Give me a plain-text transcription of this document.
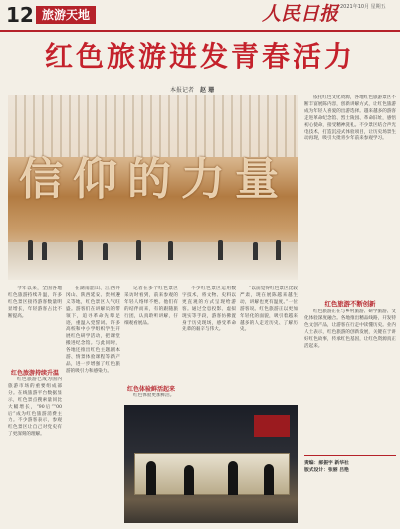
12 旅游天地	人民日报 2021年10月 星期五
红色旅游迸发青春活力
本报记者 赵 珊
信仰的力量

依托红色文化资源，各地红色旅游景区不断丰富展陈内容，创新讲解方式，让红色旅游成为年轻人喜爱的出游选择。越来越多的游客走进革命纪念馆、烈士陵园、革命旧址，感悟初心使命，接受精神洗礼。不少景区结合声光电技术，打造沉浸式体验项目，让历史场景生动再现，吸引大批青少年前来参观学习。

红色旅游不断创新

红色旅游正在与乡村旅游、研学旅游、文化体验深度融合。各地推出精品线路，开发特色文创产品，让游客在行走中读懂历史。业内人士表示，红色旅游的创新发展，关键在于讲好红色故事，传承红色基因，让红色资源真正活起来。

今年以来，全国各地红色旅游持续升温，许多红色景区接待游客数量明显增长，年轻游客占比不断提高。

红色旅游持续升温

红色旅游已成为国内旅游市场的重要组成部分。在线旅游平台数据显示，红色景点搜索量同比大幅增长，“90后”“00后”成为红色旅游消费主力。不少游客表示，参观红色景区让自己对党史有了更深刻的理解。

在湖南韶山、江西井冈山、陕西延安、贵州遵义等地，红色景区人气旺盛。游客们在讲解员的带领下，追寻革命先辈足迹，重温入党誓词。许多高校和中小学组织学生开展红色研学活动，把课堂搬进纪念馆。与此同时，各地还推出红色主题剧本游、情景体验课程等新产品，进一步增强了红色旅游的吸引力和感染力。

记者在多个红色景区采访时看到，前来参观的年轻人络绎不绝。他们有的结伴而来，有的跟随旅行团，认真聆听讲解，仔细观看展品。

红色体验鲜活起来

红色体验更加鲜活。

不少红色景区运用数字技术，将文物、史料以更直观的方式呈现给游客。通过全息投影、虚拟现实等手段，游客仿佛置身于历史现场，感受革命先辈的艰辛与伟大。

“以前觉得红色景区比较严肃，现在展陈越来越生动，讲解也更有温度。”一位游客说。红色旅游正以更加年轻化的面貌，吸引着越来越多的人走近历史、了解历史。

责编：郝振宇 新华社
版式设计：张丽 吕艳
